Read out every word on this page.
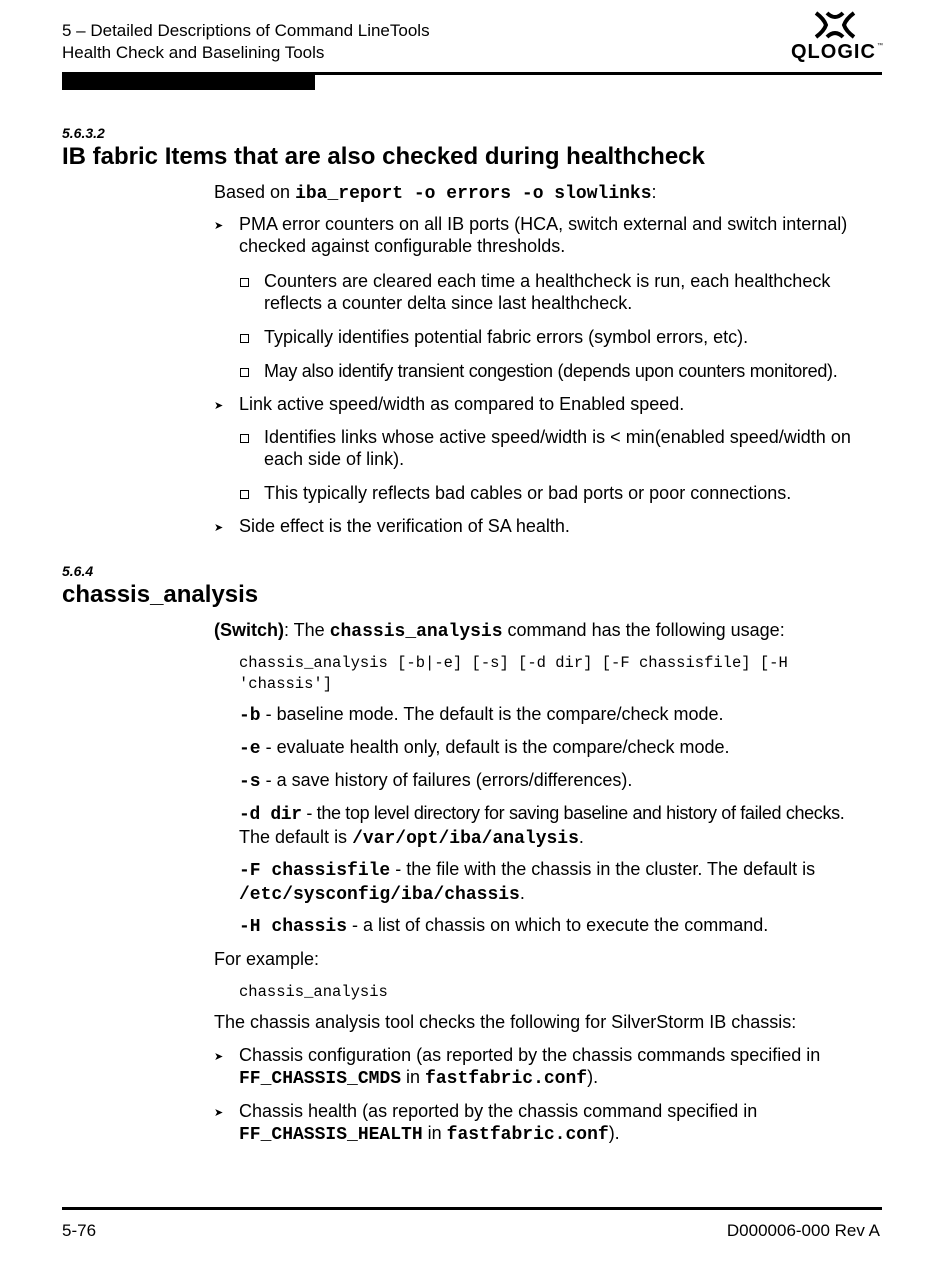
5 – Detailed Descriptions of Command LineTools
Health Check and Baselining Tools	QLOGIC ™
5.6.3.2
IB fabric Items that are also checked during healthcheck
Based on iba_report -o errors -o slowlinks:
➤ PMA error counters on all IB ports (HCA, switch external and switch internal)
checked against configurable thresholds.
Counters are cleared each time a healthcheck is run, each healthcheck
reflects a counter delta since last healthcheck.
Typically identifies potential fabric errors (symbol errors, etc).
May also identify transient congestion (depends upon counters monitored).
➤ Link active speed/width as compared to Enabled speed.
Identifies links whose active speed/width is < min(enabled speed/width on
each side of link).
This typically reflects bad cables or bad ports or poor connections.
➤ Side effect is the verification of SA health.
5.6.4
chassis_analysis
(Switch): The chassis_analysis command has the following usage:
chassis_analysis [-b|-e] [-s] [-d dir] [-F chassisfile] [-H
'chassis']
-b - baseline mode. The default is the compare/check mode.
-e - evaluate health only, default is the compare/check mode.
-s - a save history of failures (errors/differences).
-d dir - the top level directory for saving baseline and history of failed checks.
The default is /var/opt/iba/analysis.
-F chassisfile - the file with the chassis in the cluster. The default is
/etc/sysconfig/iba/chassis.
-H chassis - a list of chassis on which to execute the command.
For example:
chassis_analysis
The chassis analysis tool checks the following for SilverStorm IB chassis:
➤ Chassis configuration (as reported by the chassis commands specified in
FF_CHASSIS_CMDS in fastfabric.conf).
➤ Chassis health (as reported by the chassis command specified in
FF_CHASSIS_HEALTH in fastfabric.conf).
5-76	D000006-000 Rev A
